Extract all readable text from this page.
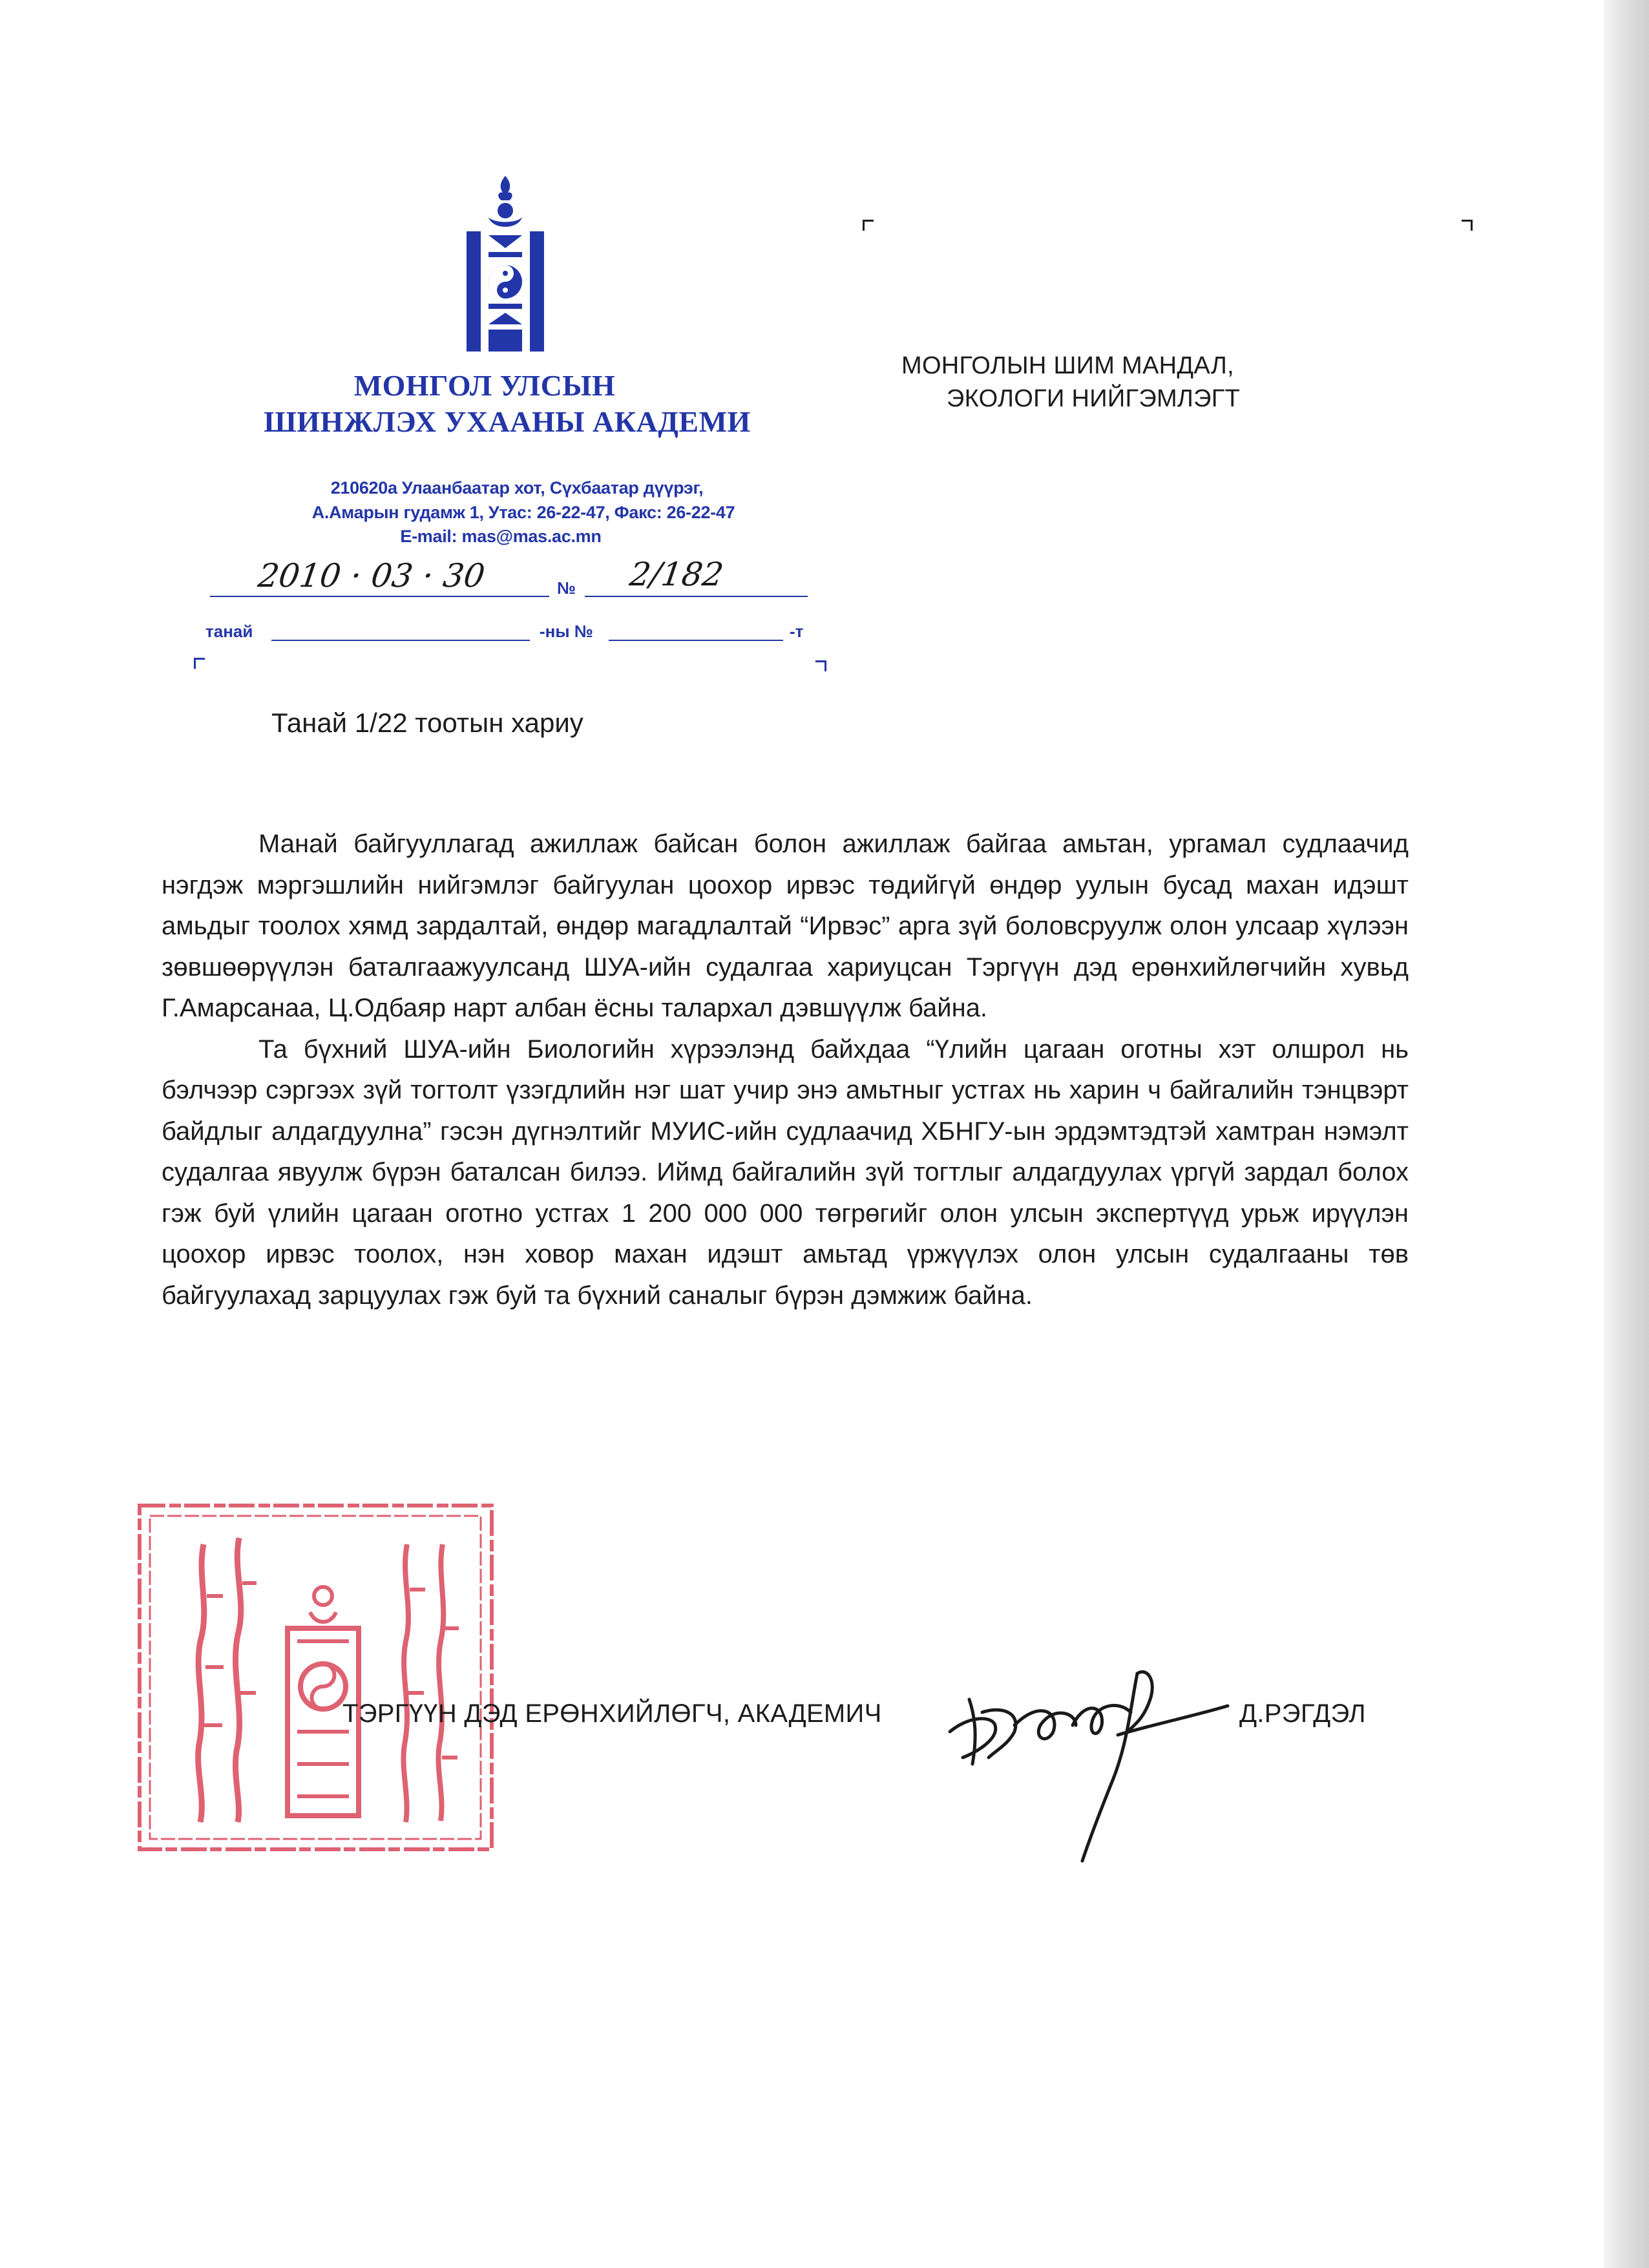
МОНГОЛ УЛСЫН
ШИНЖЛЭХ УХААНЫ АКАДЕМИ
210620а Улаанбаатар хот, Сүхбаатар дүүрэг,
А.Амарын гудамж 1, Утас: 26-22-47, Факс: 26-22-47
E-mail: mas@mas.ac.mn
2010 · 03 · 30	№ 2/182
танай	-ны №	-т
МОНГОЛЫН ШИМ МАНДАЛ,
ЭКОЛОГИ НИЙГЭМЛЭГТ
Танай 1/22 тоотын хариу

Манай байгууллагад ажиллаж байсан болон ажиллаж байгаа амьтан, ургамал судлаачид нэгдэж мэргэшлийн нийгэмлэг байгуулан цоохор ирвэс төдийгүй өндөр уулын бусад махан идэшт амьдыг тоолох хямд зардалтай, өндөр магадлалтай “Ирвэс” арга зүй боловсруулж олон улсаар хүлээн зөвшөөрүүлэн баталгаажуулсанд ШУА-ийн судалгаа хариуцсан Тэргүүн дэд ерөнхийлөгчийн хувьд Г.Амарсанаа, Ц.Одбаяр нарт албан ёсны талархал дэвшүүлж байна.

Та бүхний ШУА-ийн Биологийн хүрээлэнд байхдаа “Үлийн цагаан оготны хэт олшрол нь бэлчээр сэргээх зүй тогтолт үзэгдлийн нэг шат учир энэ амьтныг устгах нь харин ч байгалийн тэнцвэрт байдлыг алдагдуулна” гэсэн дүгнэлтийг МУИС-ийн судлаачид ХБНГУ-ын эрдэмтэдтэй хамтран нэмэлт судалгаа явуулж бүрэн баталсан билээ. Иймд байгалийн зүй тогтлыг алдагдуулах үргүй зардал болох гэж буй үлийн цагаан оготно устгах 1 200 000 000 төгрөгийг олон улсын экспертүүд урьж ирүүлэн цоохор ирвэс тоолох, нэн ховор махан идэшт амьтад үржүүлэх олон улсын судалгааны төв байгуулахад зарцуулах гэж буй та бүхний саналыг бүрэн дэмжиж байна.

ТЭРГҮҮН ДЭД ЕРӨНХИЙЛӨГЧ, АКАДЕМИЧ	Д.РЭГДЭЛ
